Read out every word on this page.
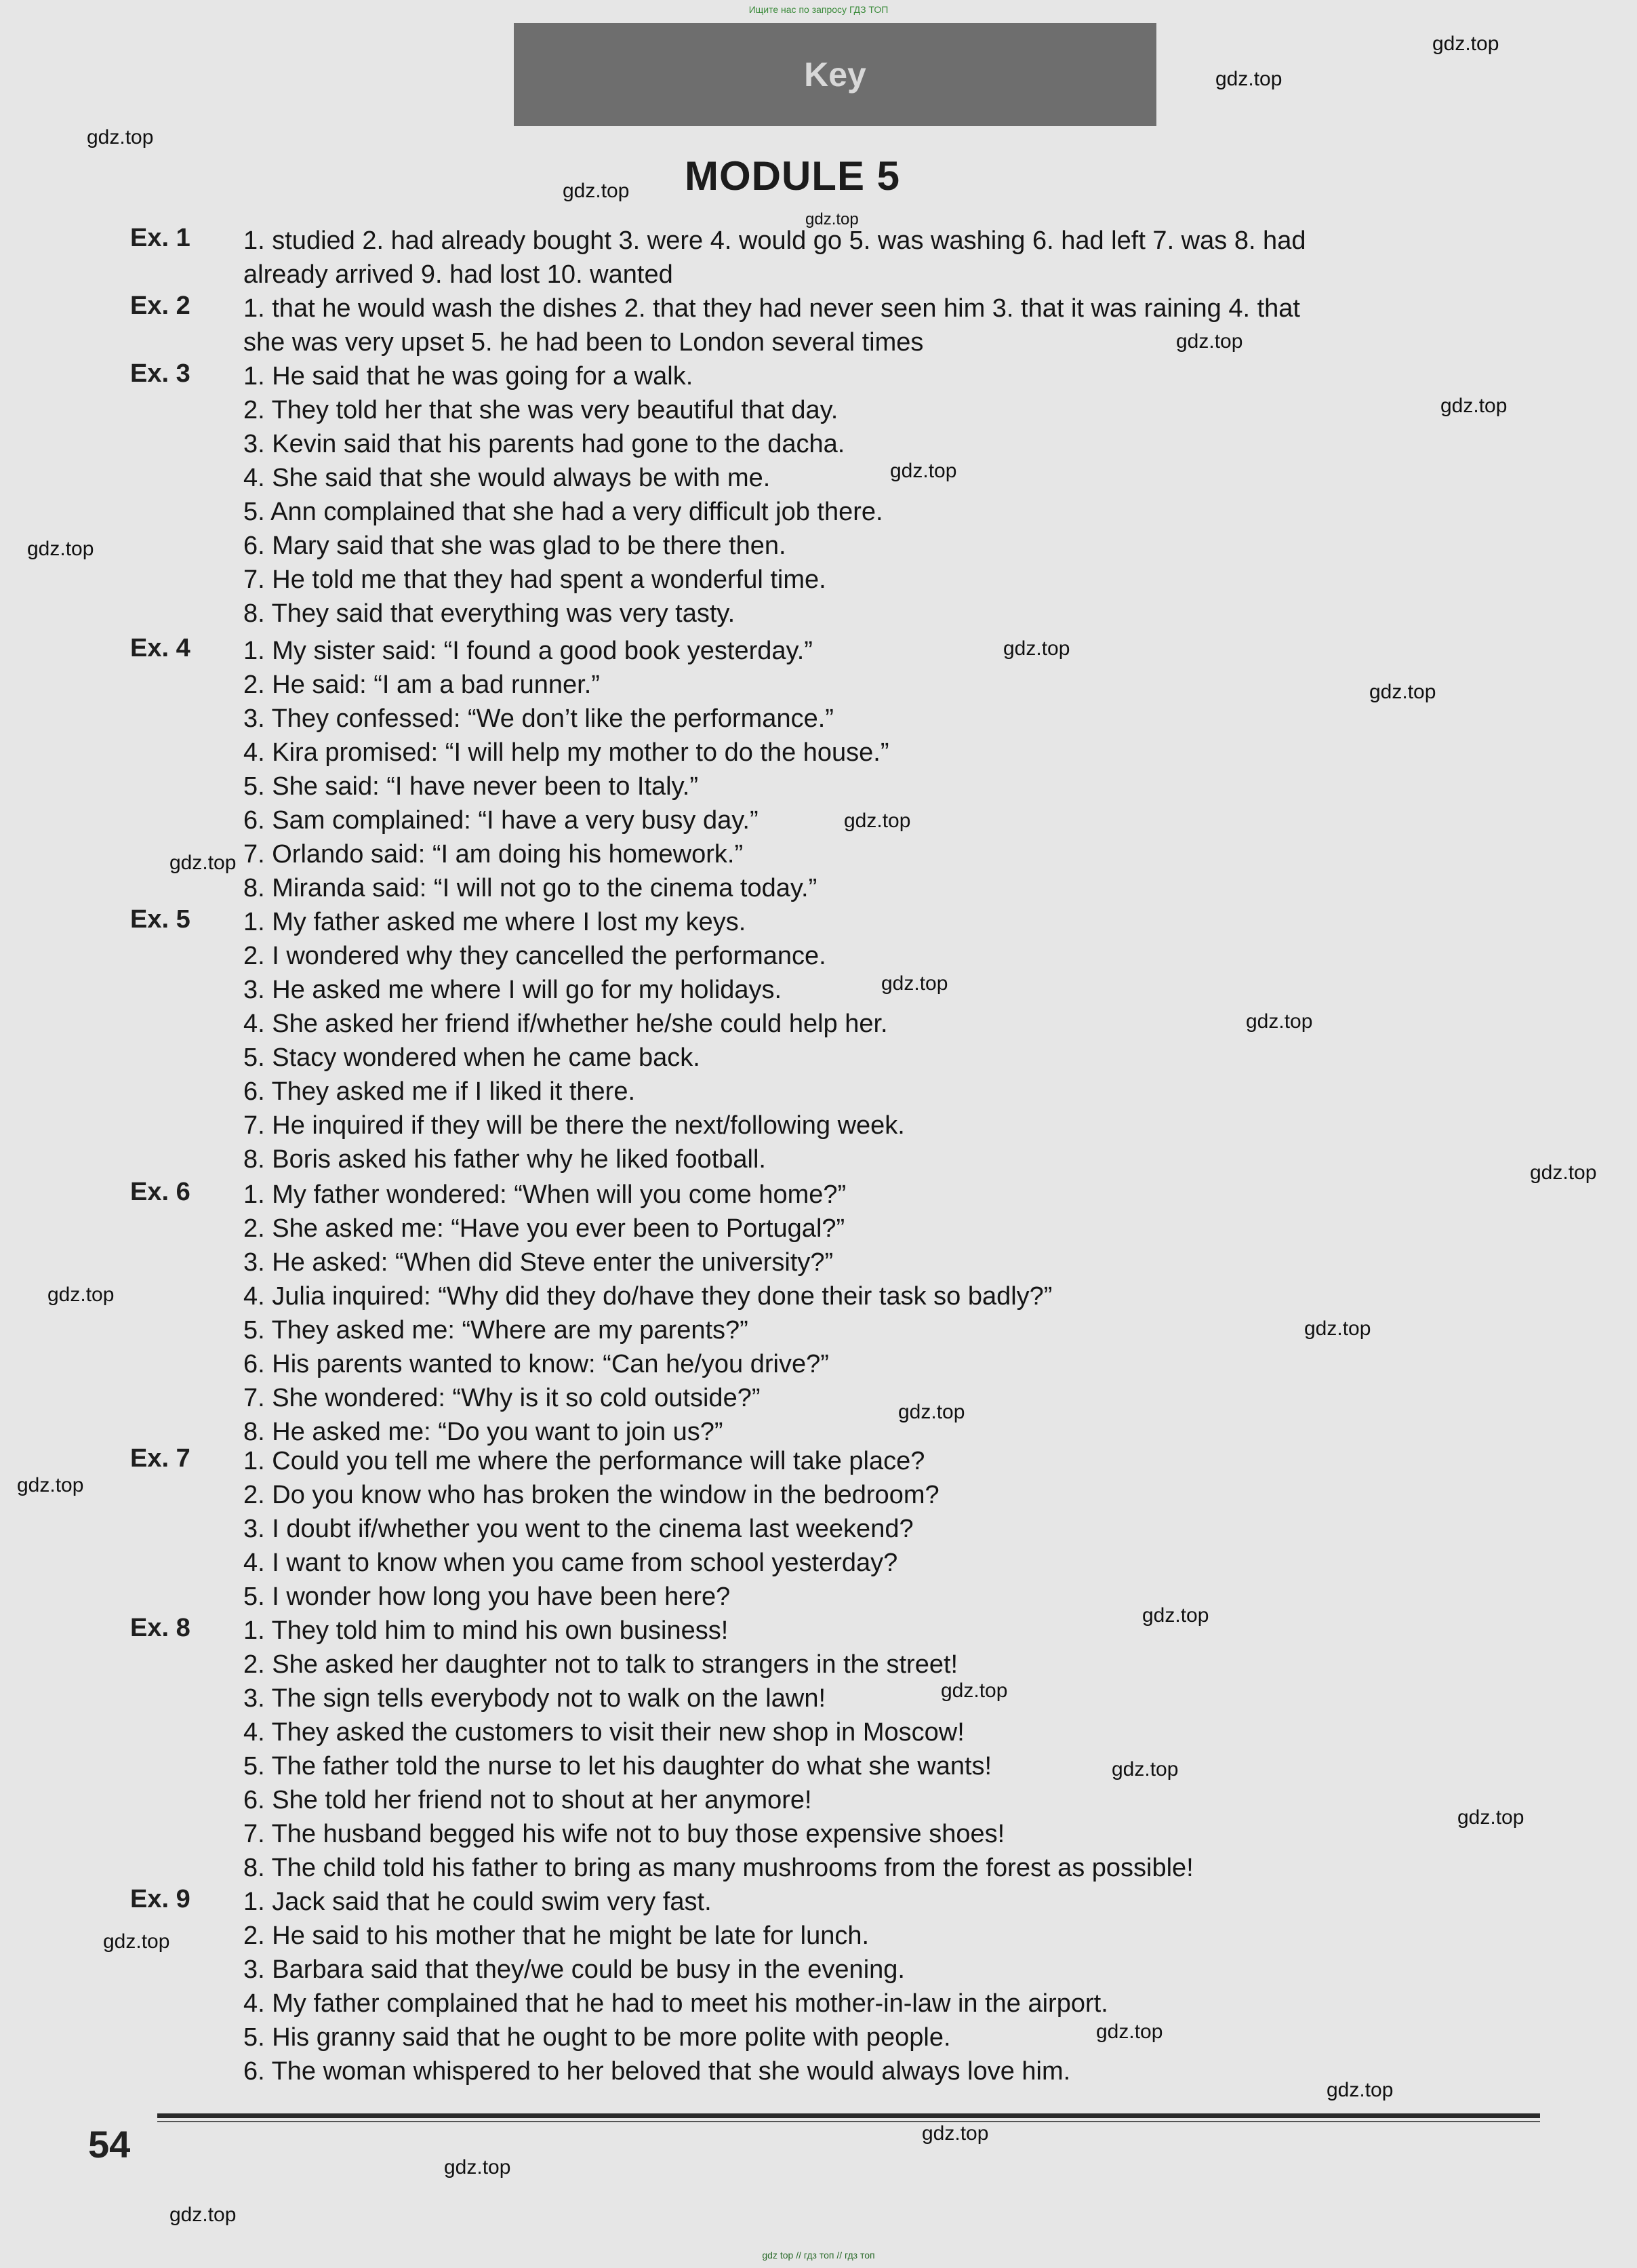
Ищите нас по запросу ГДЗ ТОП

Key
MODULE 5
Ex. 1 1. studied 2. had already bought 3. were 4. would go 5. was washing 6. had left 7. was 8. had
already arrived 9. had lost 10. wanted
Ex. 2 1. that he would wash the dishes 2. that they had never seen him 3. that it was raining 4. that
she was very upset 5. he had been to London several times
Ex. 3 1. He said that he was going for a walk.
2. They told her that she was very beautiful that day.
3. Kevin said that his parents had gone to the dacha.
4. She said that she would always be with me.
5. Ann complained that she had a very difficult job there.
6. Mary said that she was glad to be there then.
7. He told me that they had spent a wonderful time.
8. They said that everything was very tasty.
Ex. 4 1. My sister said: “I found a good book yesterday.”
2. He said: “I am a bad runner.”
3. They confessed: “We don’t like the performance.”
4. Kira promised: “I will help my mother to do the house.”
5. She said: “I have never been to Italy.”
6. Sam complained: “I have a very busy day.”
7. Orlando said: “I am doing his homework.”
8. Miranda said: “I will not go to the cinema today.”
Ex. 5 1. My father asked me where I lost my keys.
2. I wondered why they cancelled the performance.
3. He asked me where I will go for my holidays.
4. She asked her friend if/whether he/she could help her.
5. Stacy wondered when he came back.
6. They asked me if I liked it there.
7. He inquired if they will be there the next/following week.
8. Boris asked his father why he liked football.
Ex. 6 1. My father wondered: “When will you come home?”
2. She asked me: “Have you ever been to Portugal?”
3. He asked: “When did Steve enter the university?”
4. Julia inquired: “Why did they do/have they done their task so badly?”
5. They asked me: “Where are my parents?”
6. His parents wanted to know: “Can he/you drive?”
7. She wondered: “Why is it so cold outside?”
8. He asked me: “Do you want to join us?”
Ex. 7 1. Could you tell me where the performance will take place?
2. Do you know who has broken the window in the bedroom?
3. I doubt if/whether you went to the cinema last weekend?
4. I want to know when you came from school yesterday?
5. I wonder how long you have been here?
Ex. 8 1. They told him to mind his own business!
2. She asked her daughter not to talk to strangers in the street!
3. The sign tells everybody not to walk on the lawn!
4. They asked the customers to visit their new shop in Moscow!
5. The father told the nurse to let his daughter do what she wants!
6. She told her friend not to shout at her anymore!
7. The husband begged his wife not to buy those expensive shoes!
8. The child told his father to bring as many mushrooms from the forest as possible!
Ex. 9 1. Jack said that he could swim very fast.
2. He said to his mother that he might be late for lunch.
3. Barbara said that they/we could be busy in the evening.
4. My father complained that he had to meet his mother-in-law in the airport.
5. His granny said that he ought to be more polite with people.
6. The woman whispered to her beloved that she would always love him.
gdz.top
gdz.top
gdz.top
gdz.top
gdz.top
gdz.top
gdz.top
gdz.top
gdz.top
gdz.top
gdz.top
gdz.top
gdz.top
gdz.top
gdz.top
gdz.top
gdz.top
gdz.top
gdz.top
gdz.top
gdz.top
gdz.top
gdz.top
gdz.top
gdz.top
gdz.top
gdz.top
gdz.top
gdz.top
gdz.top
54
gdz top // гдз топ // гдз топ
